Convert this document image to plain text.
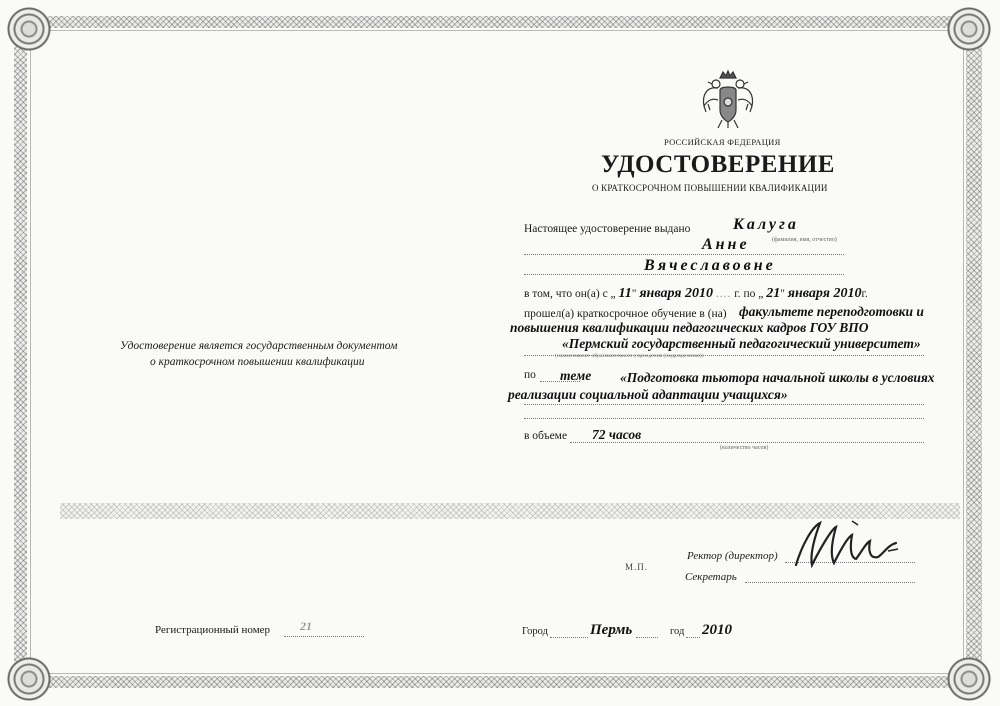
РОССИЙСКАЯ ФЕДЕРАЦИЯ
УДОСТОВЕРЕНИЕ
О КРАТКОСРОЧНОМ ПОВЫШЕНИИ КВАЛИФИКАЦИИ
Удостоверение является государственным документом
о краткосрочном повышении квалификации
Регистрационный номер 21
Настоящее удостоверение выдано	Калуга
(фамилия, имя, отчество)
Анне
Вячеславовне
в том, что он(а) с „ 11" января 2010 .... г. по „ 21" января 2010г.
прошел(а) краткосрочное обучение в (на) факультете переподготовки и
повышения квалификации педагогических кадров ГОУ ВПО
«Пермский государственный педагогический университет»
(наименование образовательного учреждения (подразделения))
по теме «Подготовка тьютора начальной школы в условиях
реализации социальной адаптации учащихся»
в объеме 72 часов
(количество часов)
М.П.
Ректор (директор)
Секретарь
Город	Пермь	год 2010
